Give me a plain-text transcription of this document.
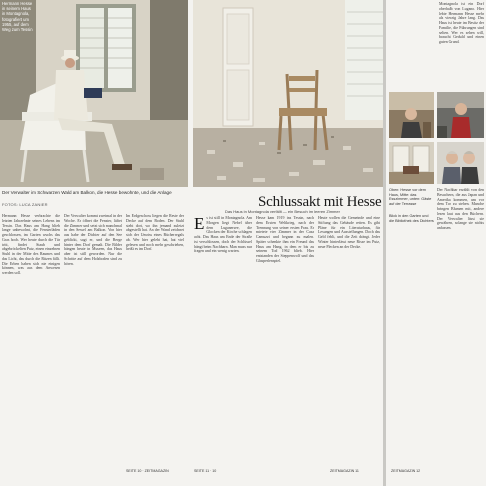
Hermann Hesse in seinem Haus in Montagnola, fotografiert um 1955, auf dem Weg zum Tessin
Der Verwalter im Schwarzen Wald am Balkon, die Hesse bewohnte, und die Anlage
FOTOS: LUCA ZANIER	Schlussakt mit Hesse
Das Haus in Montagnola verfällt — ein Besuch im leeren Zimmer
Hermann Hesse verbrachte die letzten Jahrzehnte seines Lebens im Tessin. Das Haus am Hang blieb lange unbewohnt, die Fensterläden geschlossen, im Garten wuchs das Gras hoch. Wer heute durch die Tür tritt, findet Staub und abgebröckelten Putz, einen einzelnen Stuhl in der Mitte des Raumes und das Licht, das durch die Ritzen fällt. Die Erben haben sich nie einigen können, was aus dem Anwesen werden soll.
Der Verwalter kommt zweimal in der Woche. Er öffnet die Fenster, lüftet die Zimmer und setzt sich manchmal in den Sessel am Balkon. Von hier aus habe der Dichter auf den See geblickt, sagt er, und die Berge hinter dem Dorf gemalt. Die Bilder hängen heute in Museen, das Haus aber ist still geworden. Nur die Schritte auf dem Holzboden sind zu hören.
Im Erdgeschoss liegen die Reste der Decke auf dem Boden. Der Stuhl steht dort, wo ihn jemand zuletzt abgestellt hat. An der Wand zeichnet sich der Umriss eines Bücherregals ab. Wer hier gelebt hat, hat viel gelesen und noch mehr geschrieben, heißt es im Dorf.
Es ist still in Montagnola. Am Morgen liegt Nebel über dem Luganersee, die Glocken der Kirche schlagen acht. Das Haus am Ende der Straße ist verschlossen, doch der Schlüssel hängt beim Nachbarn. Man muss nur fragen und ein wenig warten.
Hesse kam 1919 ins Tessin, nach dem Ersten Weltkrieg, nach der Trennung von seiner ersten Frau. Er mietete vier Zimmer in der Casa Camuzzi und begann zu malen. Später schenkte ihm ein Freund das Haus am Hang, in dem er bis zu seinem Tod 1962 blieb. Hier entstanden der Steppenwolf und das Glasperlenspiel.
Heute wollen die Gemeinde und eine Stiftung das Gebäude retten. Es gibt Pläne für ein Literaturhaus, für Lesungen und Ausstellungen. Doch das Geld fehlt, und die Zeit drängt. Jeder Winter hinterlässt neue Risse im Putz, neue Flecken an der Decke.
SEITE 10 · ZEITMAGAZIN	SEITE 11 · 10	ZEITMAGAZIN 11
Montagnola ist ein Dorf oberhalb von Lugano. Hier lebte Hermann Hesse mehr als vierzig Jahre lang. Das Haus ist heute im Besitz der Familie, die Führungen sind selten. Wer es sehen will, braucht Geduld und einen guten Grund.
Oben: Hesse vor dem Haus, Mitte: das Esszimmer, unten: Gäste auf der Terrasse
Der Nachbar erzählt von den Besuchern, die aus Japan und Amerika kommen, um vor dem Tor zu stehen. Manche bringen Blumen mit, andere lesen laut aus den Büchern. Der Verwalter lässt sie gewähren, solange sie nichts anfassen.
Blick in den Garten und die Bibliothek des Dichters
ZEITMAGAZIN 12
